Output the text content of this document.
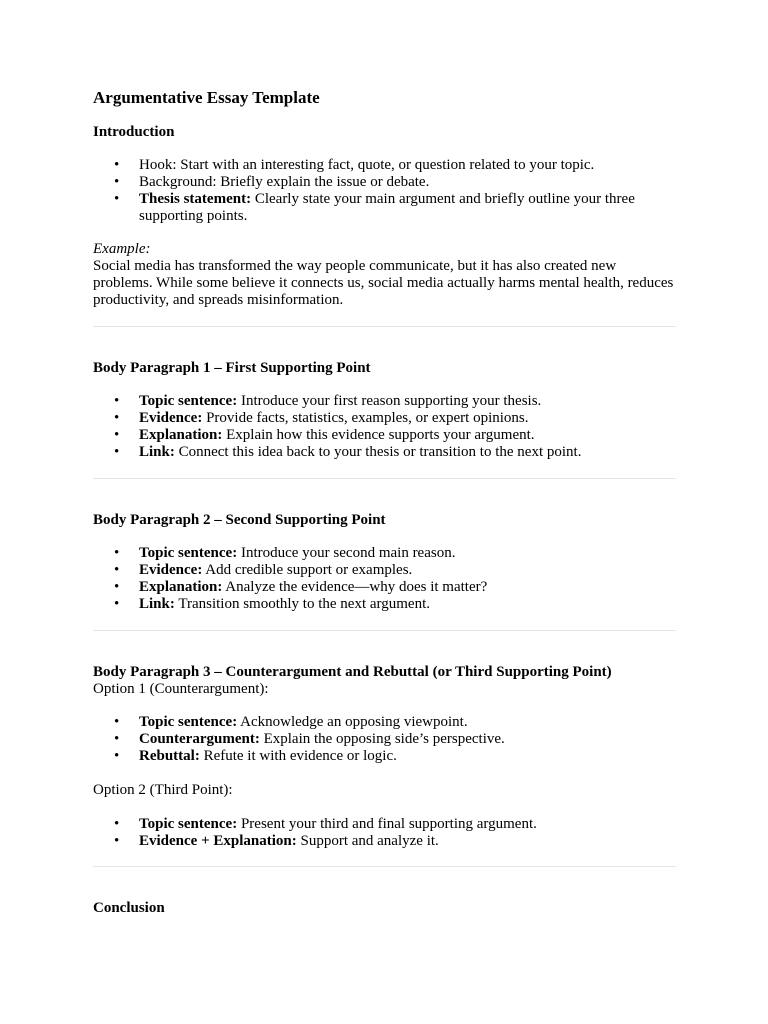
Argumentative Essay Template
Introduction
• Hook: Start with an interesting fact, quote, or question related to your topic.
• Background: Briefly explain the issue or debate.
• Thesis statement: Clearly state your main argument and briefly outline your three supporting points.
Example:
Social media has transformed the way people communicate, but it has also created new problems. While some believe it connects us, social media actually harms mental health, reduces productivity, and spreads misinformation.
Body Paragraph 1 – First Supporting Point
• Topic sentence: Introduce your first reason supporting your thesis.
• Evidence: Provide facts, statistics, examples, or expert opinions.
• Explanation: Explain how this evidence supports your argument.
• Link: Connect this idea back to your thesis or transition to the next point.
Body Paragraph 2 – Second Supporting Point
• Topic sentence: Introduce your second main reason.
• Evidence: Add credible support or examples.
• Explanation: Analyze the evidence—why does it matter?
• Link: Transition smoothly to the next argument.
Body Paragraph 3 – Counterargument and Rebuttal (or Third Supporting Point)
Option 1 (Counterargument):
• Topic sentence: Acknowledge an opposing viewpoint.
• Counterargument: Explain the opposing side’s perspective.
• Rebuttal: Refute it with evidence or logic.
Option 2 (Third Point):
• Topic sentence: Present your third and final supporting argument.
• Evidence + Explanation: Support and analyze it.
Conclusion
